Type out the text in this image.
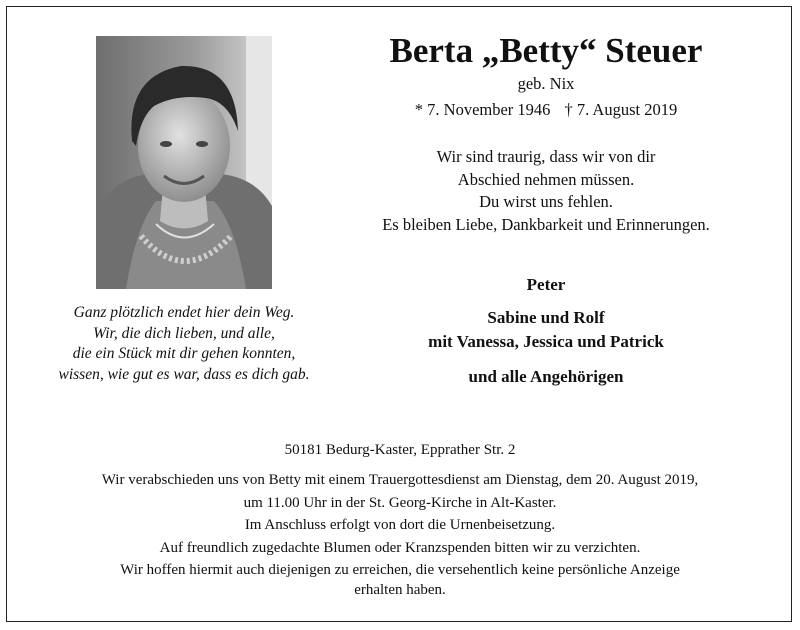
Ganz plötzlich endet hier dein Weg.
Wir, die dich lieben, und alle,
die ein Stück mit dir gehen konnten,
wissen, wie gut es war, dass es dich gab.
Berta „Betty“ Steuer
geb. Nix
* 7. November 1946 † 7. August 2019
Wir sind traurig, dass wir von dir
Abschied nehmen müssen.
Du wirst uns fehlen.
Es bleiben Liebe, Dankbarkeit und Erinnerungen.
Peter
Sabine und Rolf
mit Vanessa, Jessica und Patrick
und alle Angehörigen
50181 Bedurg-Kaster, Epprather Str. 2
Wir verabschieden uns von Betty mit einem Trauergottesdienst am Dienstag, dem 20. August 2019,
um 11.00 Uhr in der St. Georg-Kirche in Alt-Kaster.
Im Anschluss erfolgt von dort die Urnenbeisetzung.
Auf freundlich zugedachte Blumen oder Kranzspenden bitten wir zu verzichten.
Wir hoffen hiermit auch diejenigen zu erreichen, die versehentlich keine persönliche Anzeige
erhalten haben.
